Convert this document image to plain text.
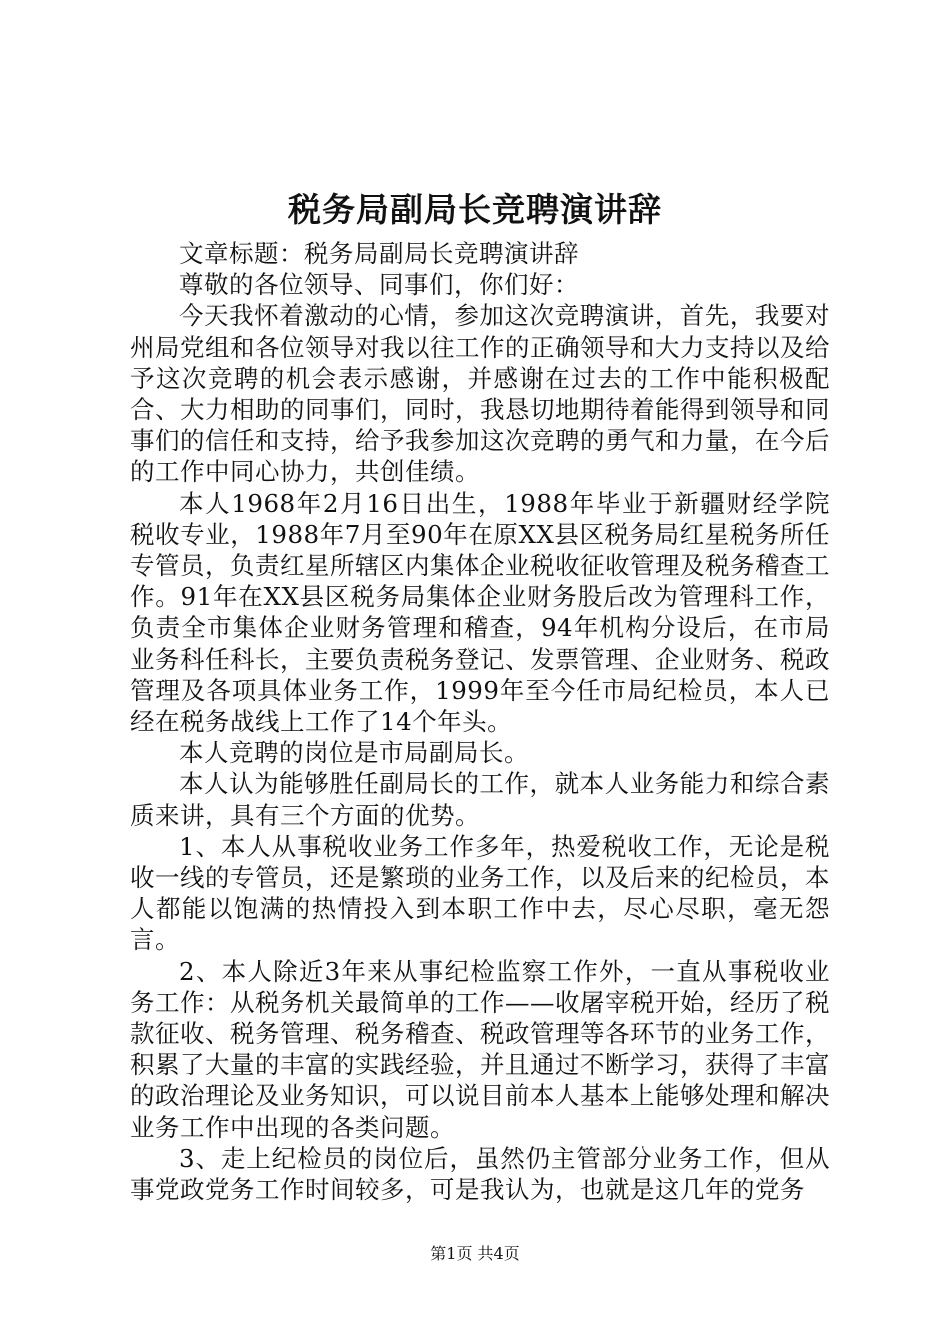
税务局副局长竞聘演讲辞

文章标题：税务局副局长竞聘演讲辞

尊敬的各位领导、同事们，你们好：

今天我怀着激动的心情，参加这次竞聘演讲，首先，我要对州局党组和各位领导对我以往工作的正确领导和大力支持以及给予这次竞聘的机会表示感谢，并感谢在过去的工作中能积极配合、大力相助的同事们，同时，我恳切地期待着能得到领导和同事们的信任和支持，给予我参加这次竞聘的勇气和力量，在今后的工作中同心协力，共创佳绩。

本人1968年2月16日出生，1988年毕业于新疆财经学院税收专业，1988年7月至90年在原XX县区税务局红星税务所任专管员，负责红星所辖区内集体企业税收征收管理及税务稽查工作。91年在XX县区税务局集体企业财务股后改为管理科工作，负责全市集体企业财务管理和稽查，94年机构分设后，在市局业务科任科长，主要负责税务登记、发票管理、企业财务、税政管理及各项具体业务工作，1999年至今任市局纪检员，本人已经在税务战线上工作了14个年头。

本人竞聘的岗位是市局副局长。

本人认为能够胜任副局长的工作，就本人业务能力和综合素质来讲，具有三个方面的优势。

1、本人从事税收业务工作多年，热爱税收工作，无论是税收一线的专管员，还是繁琐的业务工作，以及后来的纪检员，本人都能以饱满的热情投入到本职工作中去，尽心尽职，毫无怨言。

2、本人除近3年来从事纪检监察工作外，一直从事税收业务工作：从税务机关最简单的工作——收屠宰税开始，经历了税款征收、税务管理、税务稽查、税政管理等各环节的业务工作，积累了大量的丰富的实践经验，并且通过不断学习，获得了丰富的政治理论及业务知识，可以说目前本人基本上能够处理和解决业务工作中出现的各类问题。

3、走上纪检员的岗位后，虽然仍主管部分业务工作，但从事党政党务工作时间较多，可是我认为，也就是这几年的党务

第1页 共4页
